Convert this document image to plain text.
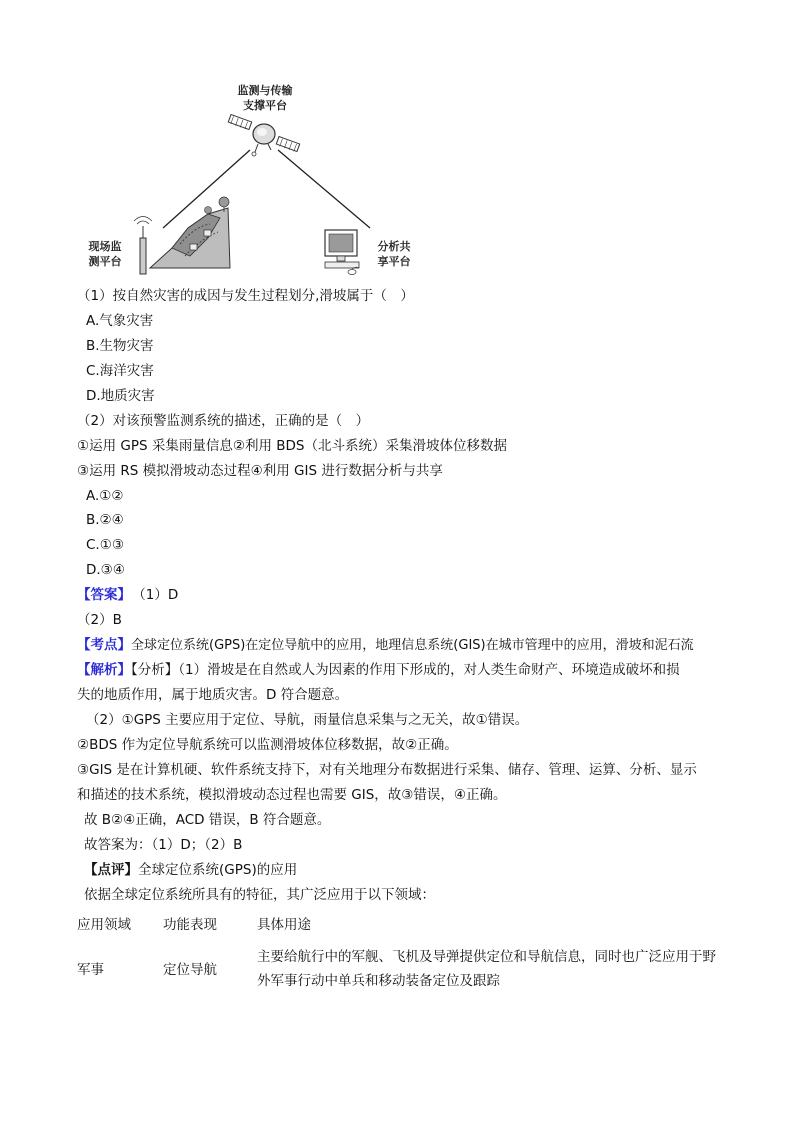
监测与传输
支撑平台
现场监
测平台
分析共
享平台
（1）按自然灾害的成因与发生过程划分,滑坡属于（　）
A.气象灾害
B.生物灾害
C.海洋灾害
D.地质灾害
（2）对该预警监测系统的描述，正确的是（　）
①运用 GPS 采集雨量信息②利用 BDS（北斗系统）采集滑坡体位移数据
③运用 RS 模拟滑坡动态过程④利用 GIS 进行数据分析与共享
A.①②
B.②④
C.①③
D.③④
【答案】 （1）D
（2）B
【考点】全球定位系统(GPS)在定位导航中的应用，地理信息系统(GIS)在城市管理中的应用，滑坡和泥石流
【解析】【分析】（1）滑坡是在自然或人为因素的作用下形成的，对人类生命财产、环境造成破坏和损
失的地质作用，属于地质灾害。D 符合题意。
（2）①GPS 主要应用于定位、导航，雨量信息采集与之无关，故①错误。
②BDS 作为定位导航系统可以监测滑坡体位移数据，故②正确。
③GIS 是在计算机硬、软件系统支持下，对有关地理分布数据进行采集、储存、管理、运算、分析、显示
和描述的技术系统，模拟滑坡动态过程也需要 GIS，故③错误，④正确。
故 B②④正确，ACD 错误，B 符合题意。
故答案为：（1）D；（2）B
【点评】全球定位系统(GPS)的应用
依据全球定位系统所具有的特征，其广泛应用于以下领域：
应用领域 功能表现	具体用途
军事	定位导航
主要给航行中的军舰、飞机及导弹提供定位和导航信息，同时也广泛应用于野外军事行动中单兵和移动装备定位及跟踪
